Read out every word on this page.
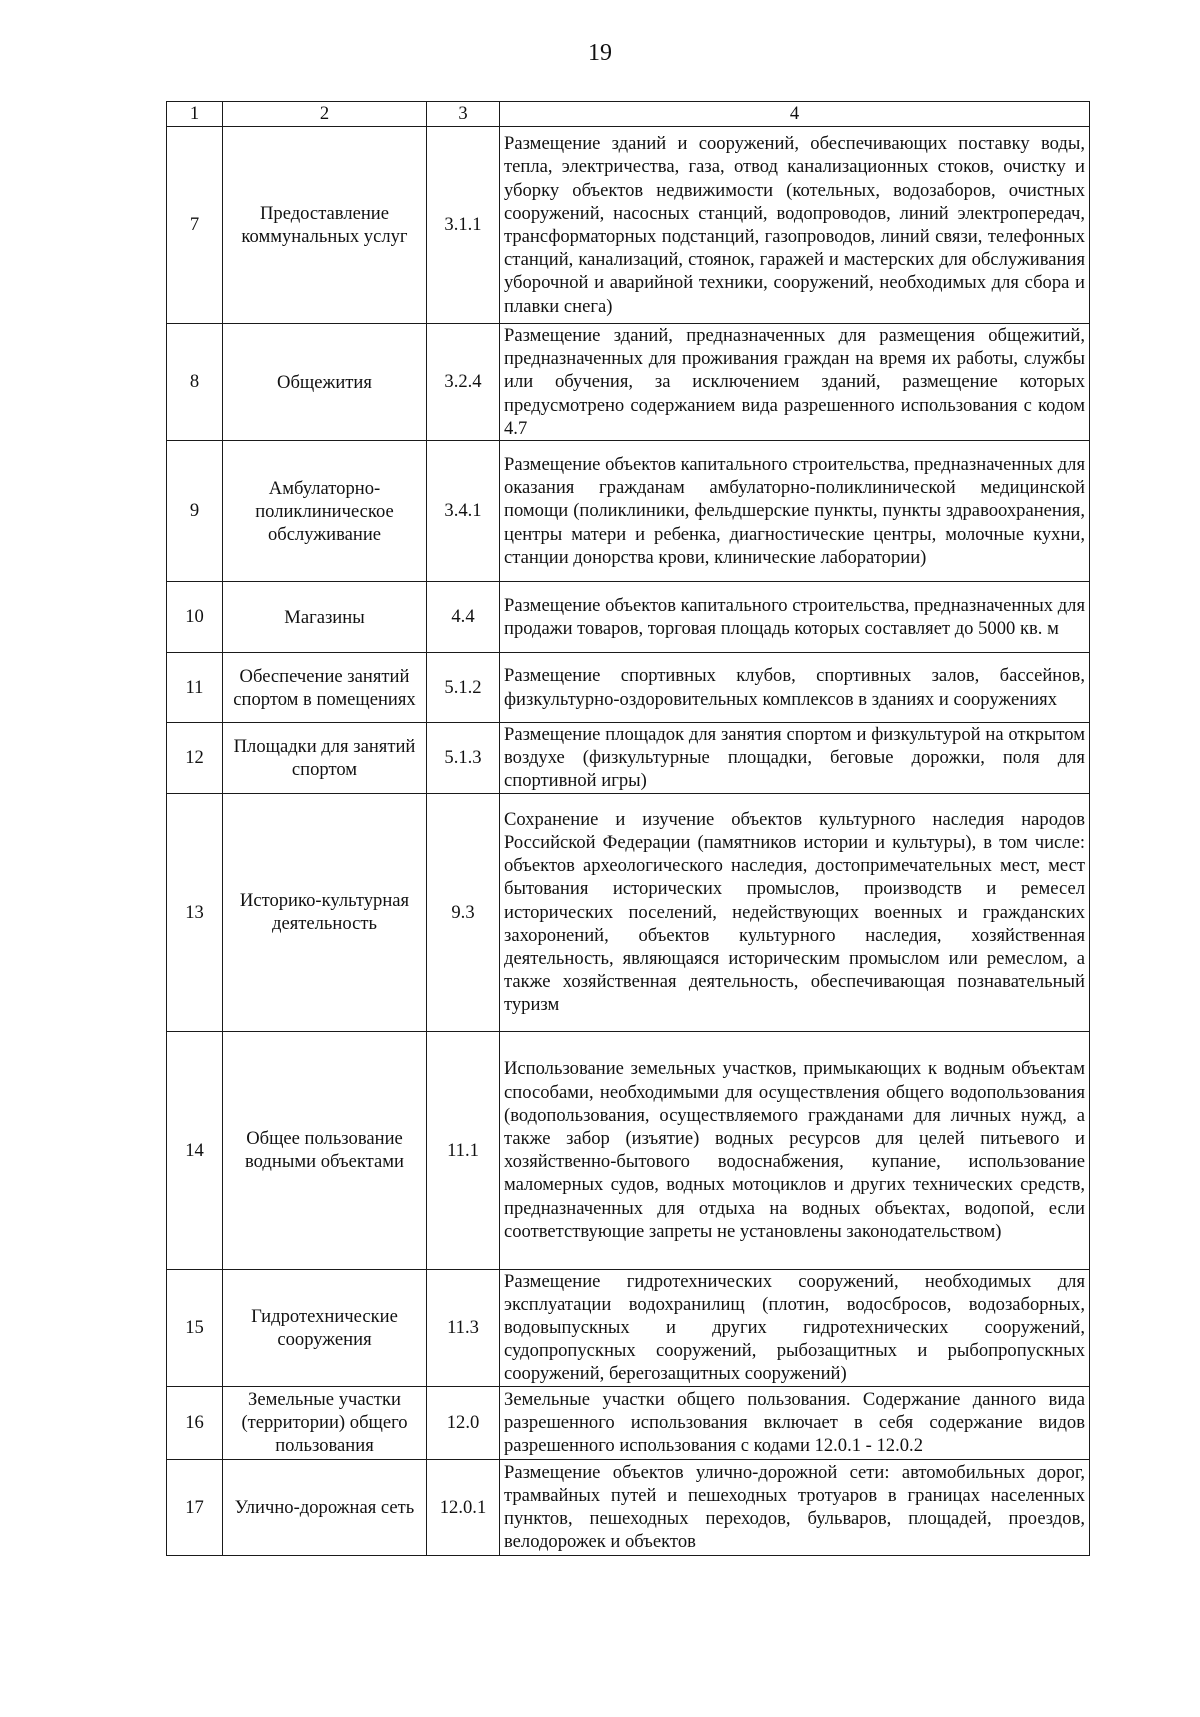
19
1	2	3	4
7	Предоставление коммунальных услуг	3.1.1	Размещение зданий и сооружений, обеспечивающих поставку воды, тепла, электричества, газа, отвод канализационных стоков, очистку и уборку объектов недвижимости (котельных, водозаборов, очистных сооружений, насосных станций, водопроводов, линий электропередач, трансформаторных подстанций, газопроводов, линий связи, телефонных станций, канализаций, стоянок, гаражей и мастерских для обслуживания уборочной и аварийной техники, сооружений, необходимых для сбора и плавки снега)
8	Общежития	3.2.4	Размещение зданий, предназначенных для размещения общежитий, предназначенных для проживания граждан на время их работы, службы или обучения, за исключением зданий, размещение которых предусмотрено содержанием вида разрешенного использования с кодом 4.7
9	Амбулаторно-поликлиническое обслуживание	3.4.1	Размещение объектов капитального строительства, предназначенных для оказания гражданам амбулаторно-поликлинической медицинской помощи (поликлиники, фельдшерские пункты, пункты здравоохранения, центры матери и ребенка, диагностические центры, молочные кухни, станции донорства крови, клинические лаборатории)
10	Магазины	4.4	Размещение объектов капитального строительства, предназначенных для продажи товаров, торговая площадь которых составляет до 5000 кв. м
11	Обеспечение занятий спортом в помещениях	5.1.2	Размещение спортивных клубов, спортивных залов, бассейнов, физкультурно-оздоровительных комплексов в зданиях и сооружениях
12	Площадки для занятий спортом	5.1.3	Размещение площадок для занятия спортом и физкультурой на открытом воздухе (физкультурные площадки, беговые дорожки, поля для спортивной игры)
13	Историко-культурная деятельность	9.3	Сохранение и изучение объектов культурного наследия народов Российской Федерации (памятников истории и культуры), в том числе: объектов археологического наследия, достопримечательных мест, мест бытования исторических промыслов, производств и ремесел исторических поселений, недействующих военных и гражданских захоронений, объектов культурного наследия, хозяйственная деятельность, являющаяся историческим промыслом или ремеслом, а также хозяйственная деятельность, обеспечивающая познавательный туризм
14	Общее пользование водными объектами	11.1	Использование земельных участков, примыкающих к водным объектам способами, необходимыми для осуществления общего водопользования (водопользования, осуществляемого гражданами для личных нужд, а также забор (изъятие) водных ресурсов для целей питьевого и хозяйственно-бытового водоснабжения, купание, использование маломерных судов, водных мотоциклов и других технических средств, предназначенных для отдыха на водных объектах, водопой, если соответствующие запреты не установлены законодательством)
15	Гидротехнические сооружения	11.3	Размещение гидротехнических сооружений, необходимых для эксплуатации водохранилищ (плотин, водосбросов, водозаборных, водовыпускных и других гидротехнических сооружений, судопропускных сооружений, рыбозащитных и рыбопропускных сооружений, берегозащитных сооружений)
16	Земельные участки (территории) общего пользования	12.0	Земельные участки общего пользования. Содержание данного вида разрешенного использования включает в себя содержание видов разрешенного использования с кодами 12.0.1 - 12.0.2
17	Улично-дорожная сеть	12.0.1	Размещение объектов улично-дорожной сети: автомобильных дорог, трамвайных путей и пешеходных тротуаров в границах населенных пунктов, пешеходных переходов, бульваров, площадей, проездов, велодорожек и объектов
